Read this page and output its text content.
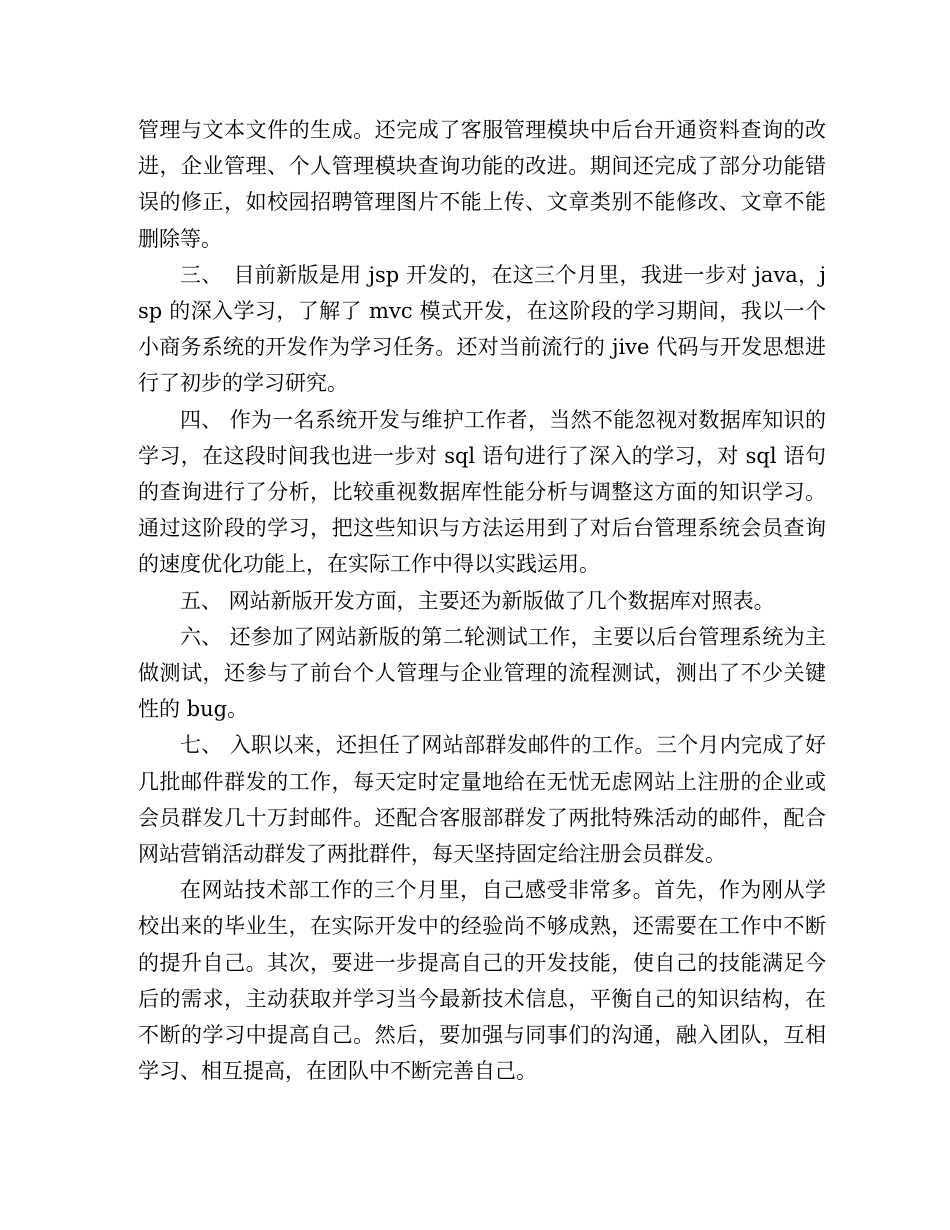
管理与文本文件的生成。还完成了客服管理模块中后台开通资料查询的改进，企业管理、个人管理模块查询功能的改进。期间还完成了部分功能错误的修正，如校园招聘管理图片不能上传、文章类别不能修改、文章不能删除等。

三、　目前新版是用 jsp 开发的，在这三个月里，我进一步对 java，jsp 的深入学习，了解了 mvc 模式开发，在这阶段的学习期间，我以一个小商务系统的开发作为学习任务。还对当前流行的 jive 代码与开发思想进行了初步的学习研究。

四、 作为一名系统开发与维护工作者，当然不能忽视对数据库知识的学习，在这段时间我也进一步对 sql 语句进行了深入的学习，对 sql 语句的查询进行了分析，比较重视数据库性能分析与调整这方面的知识学习。通过这阶段的学习，把这些知识与方法运用到了对后台管理系统会员查询的速度优化功能上，在实际工作中得以实践运用。

五、 网站新版开发方面，主要还为新版做了几个数据库对照表。

六、 还参加了网站新版的第二轮测试工作，主要以后台管理系统为主做测试，还参与了前台个人管理与企业管理的流程测试，测出了不少关键性的 bug。

七、 入职以来，还担任了网站部群发邮件的工作。三个月内完成了好几批邮件群发的工作，每天定时定量地给在无忧无虑网站上注册的企业或会员群发几十万封邮件。还配合客服部群发了两批特殊活动的邮件，配合网站营销活动群发了两批群件，每天坚持固定给注册会员群发。

在网站技术部工作的三个月里，自己感受非常多。首先，作为刚从学校出来的毕业生，在实际开发中的经验尚不够成熟，还需要在工作中不断的提升自己。其次，要进一步提高自己的开发技能，使自己的技能满足今后的需求，主动获取并学习当今最新技术信息，平衡自己的知识结构，在不断的学习中提高自己。然后，要加强与同事们的沟通，融入团队，互相学习、相互提高，在团队中不断完善自己。
